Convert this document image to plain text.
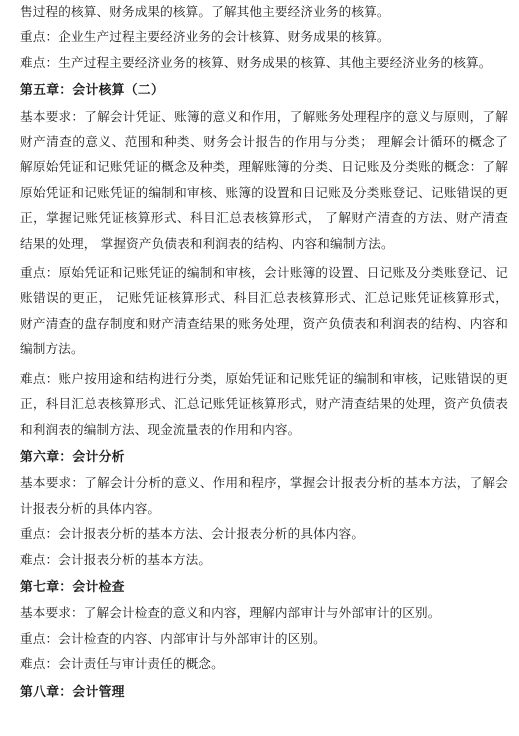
售过程的核算、财务成果的核算。了解其他主要经济业务的核算。

重点：企业生产过程主要经济业务的会计核算、财务成果的核算。

难点：生产过程主要经济业务的核算、财务成果的核算、其他主要经济业务的核算。

第五章：会计核算（二）

基本要求：了解会计凭证、账簿的意义和作用，了解账务处理程序的意义与原则，了解财产清查的意义、范围和种类、财务会计报告的作用与分类； 理解会计循环的概念了解原始凭证和记账凭证的概念及种类，理解账簿的分类、日记账及分类账的概念：了解原始凭证和记账凭证的编制和审核、账簿的设置和日记账及分类账登记、记账错误的更正，掌握记账凭证核算形式、科目汇总表核算形式， 了解财产清查的方法、财产清查结果的处理， 掌握资产负债表和利润表的结构、内容和编制方法。

重点：原始凭证和记账凭证的编制和审核，会计账簿的设置、日记账及分类账登记、记账错误的更正， 记账凭证核算形式、科目汇总表核算形式、汇总记账凭证核算形式，财产清查的盘存制度和财产清查结果的账务处理，资产负债表和利润表的结构、内容和编制方法。

难点：账户按用途和结构进行分类，原始凭证和记账凭证的编制和审核，记账错误的更正，科目汇总表核算形式、汇总记账凭证核算形式，财产清查结果的处理，资产负债表和利润表的编制方法、现金流量表的作用和内容。

第六章：会计分析

基本要求：了解会计分析的意义、作用和程序，掌握会计报表分析的基本方法，了解会计报表分析的具体内容。

重点：会计报表分析的基本方法、会计报表分析的具体内容。

难点：会计报表分析的基本方法。

第七章：会计检查

基本要求：了解会计检查的意义和内容，理解内部审计与外部审计的区别。

重点：会计检查的内容、内部审计与外部审计的区别。

难点：会计责任与审计责任的概念。

第八章：会计管理
